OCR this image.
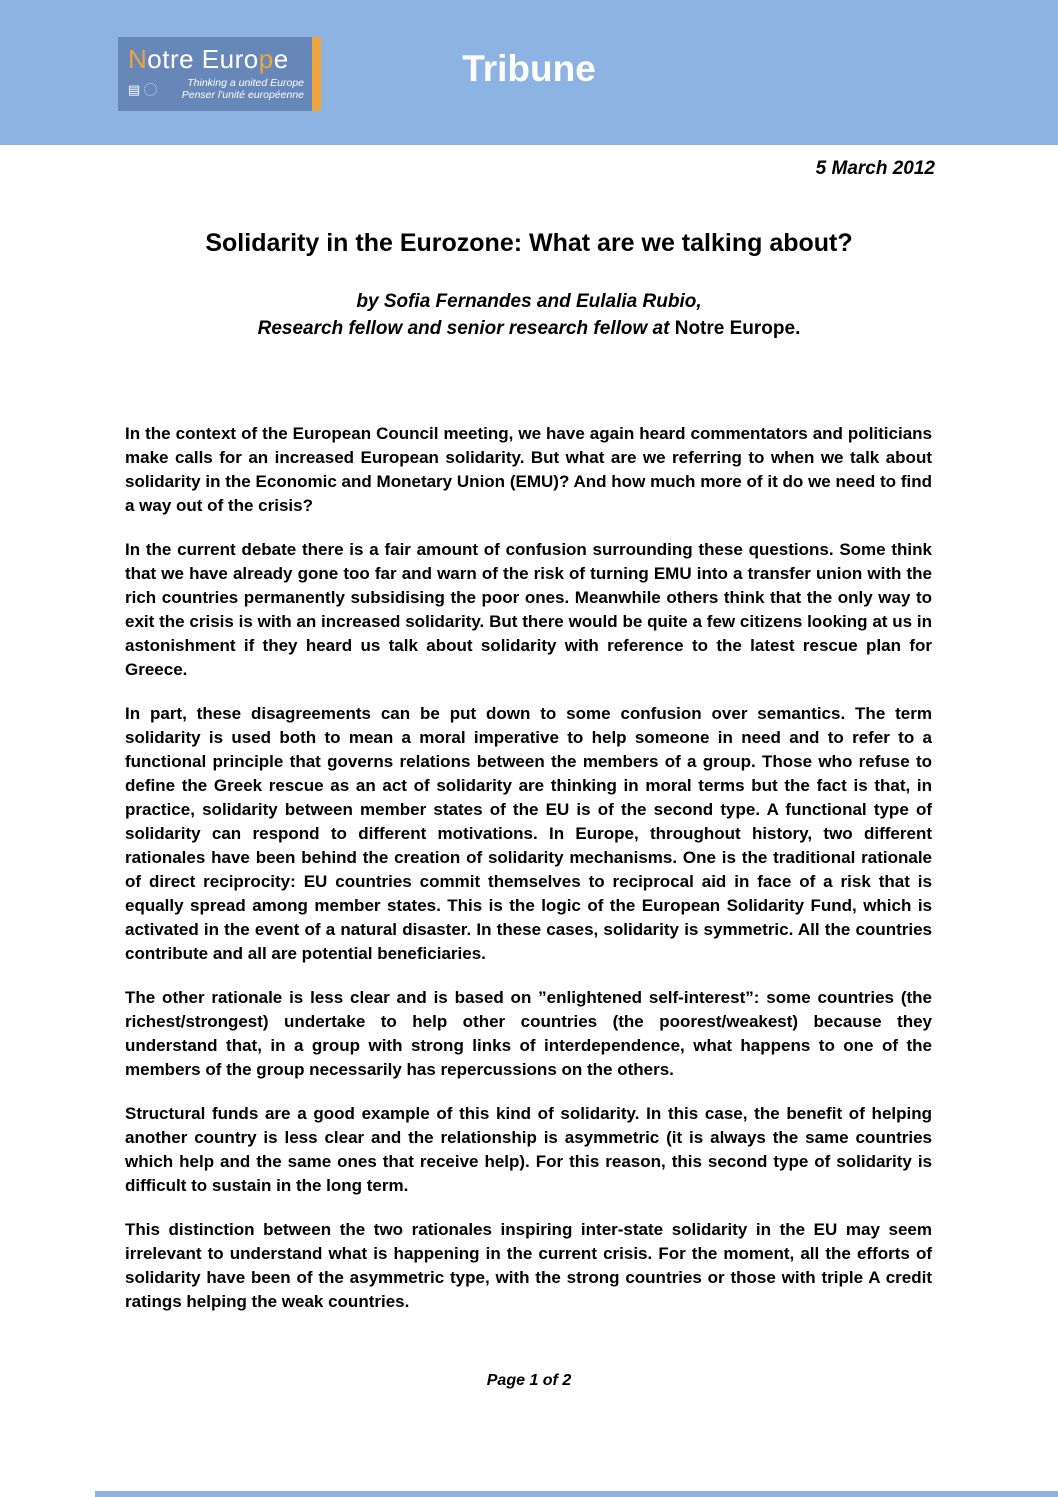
Notre Europe
▤	Thinking a united Europe
Penser l'unité européenne
Tribune
5 March 2012
Solidarity in the Eurozone: What are we talking about?
by Sofia Fernandes and Eulalia Rubio,
Research fellow and senior research fellow at Notre Europe.

In the context of the European Council meeting, we have again heard commentators and politicians make calls for an increased European solidarity. But what are we referring to when we talk about solidarity in the Economic and Monetary Union (EMU)? And how much more of it do we need to find a way out of the crisis?

In the current debate there is a fair amount of confusion surrounding these questions. Some think that we have already gone too far and warn of the risk of turning EMU into a transfer union with the rich countries permanently subsidising the poor ones. Meanwhile others think that the only way to exit the crisis is with an increased solidarity. But there would be quite a few citizens looking at us in astonishment if they heard us talk about solidarity with reference to the latest rescue plan for Greece.

In part, these disagreements can be put down to some confusion over semantics. The term solidarity is used both to mean a moral imperative to help someone in need and to refer to a functional principle that governs relations between the members of a group. Those who refuse to define the Greek rescue as an act of solidarity are thinking in moral terms but the fact is that, in practice, solidarity between member states of the EU is of the second type. A functional type of solidarity can respond to different motivations. In Europe, throughout history, two different rationales have been behind the creation of solidarity mechanisms. One is the traditional rationale of direct reciprocity: EU countries commit themselves to reciprocal aid in face of a risk that is equally spread among member states. This is the logic of the European Solidarity Fund, which is activated in the event of a natural disaster. In these cases, solidarity is symmetric. All the countries contribute and all are potential beneficiaries.

The other rationale is less clear and is based on ”enlightened self-interest”: some countries (the richest/strongest) undertake to help other countries (the poorest/weakest) because they understand that, in a group with strong links of interdependence, what happens to one of the members of the group necessarily has repercussions on the others.

Structural funds are a good example of this kind of solidarity. In this case, the benefit of helping another country is less clear and the relationship is asymmetric (it is always the same countries which help and the same ones that receive help). For this reason, this second type of solidarity is difficult to sustain in the long term.

This distinction between the two rationales inspiring inter-state solidarity in the EU may seem irrelevant to understand what is happening in the current crisis. For the moment, all the efforts of solidarity have been of the asymmetric type, with the strong countries or those with triple A credit ratings helping the weak countries.

Page 1 of 2
